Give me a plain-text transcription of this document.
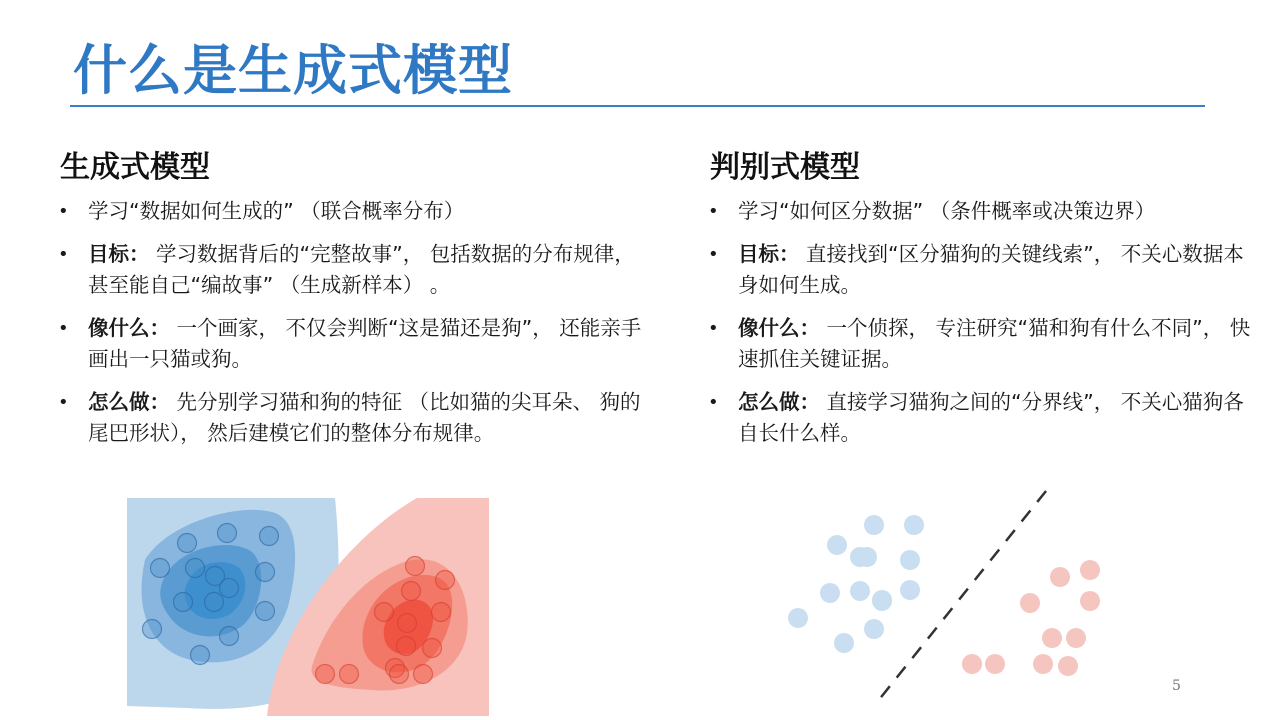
什么是生成式模型
生成式模型
• 学习“数据如何生成的” （联合概率分布）
• 目标： 学习数据背后的“完整故事”， 包括数据的分布规律， 甚至能自己“编故事” （生成新样本） 。
• 像什么： 一个画家， 不仅会判断“这是猫还是狗”， 还能亲手画出一只猫或狗。
• 怎么做： 先分别学习猫和狗的特征 （比如猫的尖耳朵、 狗的尾巴形状）， 然后建模它们的整体分布规律。
判别式模型
• 学习“如何区分数据” （条件概率或决策边界）
• 目标： 直接找到“区分猫狗的关键线索”， 不关心数据本身如何生成。
• 像什么： 一个侦探， 专注研究“猫和狗有什么不同”， 快速抓住关键证据。
• 怎么做： 直接学习猫狗之间的“分界线”， 不关心猫狗各自长什么样。
5
